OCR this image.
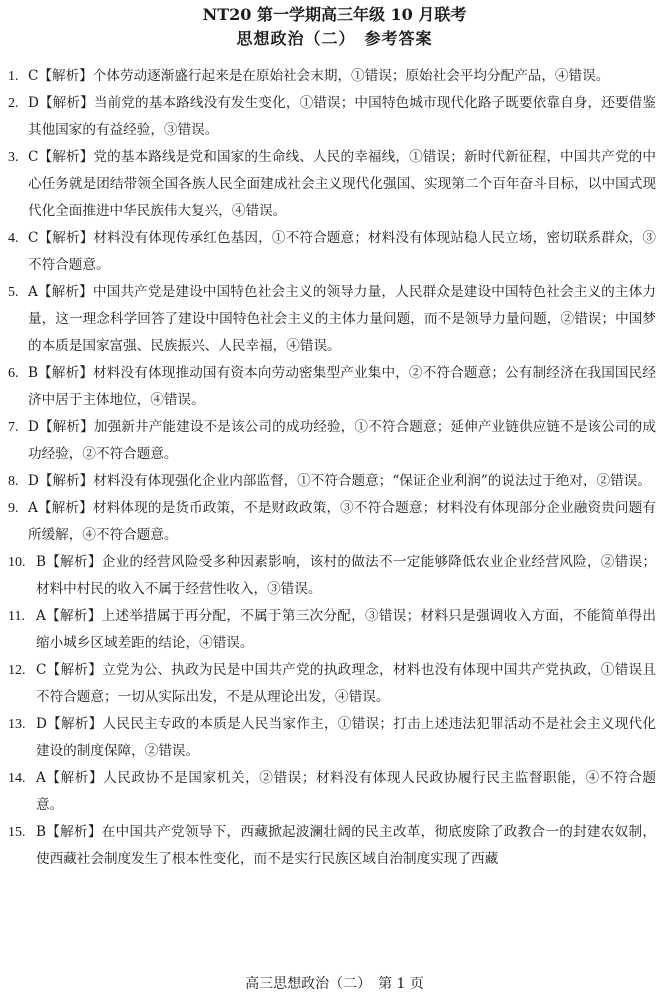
NT20 第一学期高三年级 10 月联考
思想政治（二）　参考答案
1. C【解析】个体劳动逐渐盛行起来是在原始社会末期，①错误；原始社会平均分配产品，④错误。
2. D【解析】当前党的基本路线没有发生变化，①错误；中国特色城市现代化路子既要依靠自身，还要借鉴其他国家的有益经验，③错误。
3. C【解析】党的基本路线是党和国家的生命线、人民的幸福线，①错误；新时代新征程，中国共产党的中心任务就是团结带领全国各族人民全面建成社会主义现代化强国、实现第二个百年奋斗目标，以中国式现代化全面推进中华民族伟大复兴，④错误。
4. C【解析】材料没有体现传承红色基因，①不符合题意；材料没有体现站稳人民立场，密切联系群众，③不符合题意。
5. A【解析】中国共产党是建设中国特色社会主义的领导力量，人民群众是建设中国特色社会主义的主体力量，这一理念科学回答了建设中国特色社会主义的主体力量问题，而不是领导力量问题，②错误；中国梦的本质是国家富强、民族振兴、人民幸福，④错误。
6. B【解析】材料没有体现推动国有资本向劳动密集型产业集中，②不符合题意；公有制经济在我国国民经济中居于主体地位，④错误。
7. D【解析】加强新井产能建设不是该公司的成功经验，①不符合题意；延伸产业链供应链不是该公司的成功经验，②不符合题意。
8. D【解析】材料没有体现强化企业内部监督，①不符合题意；“保证企业利润”的说法过于绝对，②错误。
9. A【解析】材料体现的是货币政策，不是财政政策，③不符合题意；材料没有体现部分企业融资贵问题有所缓解，④不符合题意。
10. B【解析】企业的经营风险受多种因素影响，该村的做法不一定能够降低农业企业经营风险，②错误；材料中村民的收入不属于经营性收入，③错误。
11. A【解析】上述举措属于再分配，不属于第三次分配，③错误；材料只是强调收入方面，不能简单得出缩小城乡区域差距的结论，④错误。
12. C【解析】立党为公、执政为民是中国共产党的执政理念，材料也没有体现中国共产党执政，①错误且不符合题意；一切从实际出发，不是从理论出发，④错误。
13. D【解析】人民民主专政的本质是人民当家作主，①错误；打击上述违法犯罪活动不是社会主义现代化建设的制度保障，②错误。
14. A【解析】人民政协不是国家机关，②错误；材料没有体现人民政协履行民主监督职能，④不符合题意。
15. B【解析】在中国共产党领导下，西藏掀起波澜壮阔的民主改革，彻底废除了政教合一的封建农奴制，使西藏社会制度发生了根本性变化，而不是实行民族区域自治制度实现了西藏
高三思想政治（二）　第 1 页
